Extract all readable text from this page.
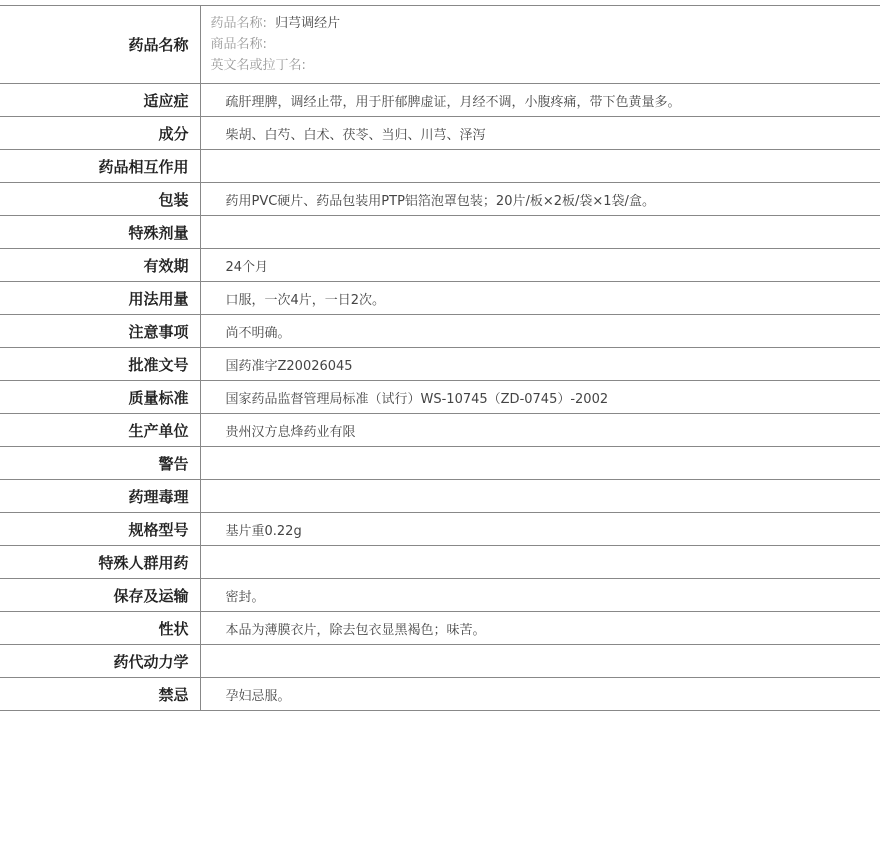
药品名称	药品名称: 归芎调经片
商品名称:
英文名或拉丁名:

适应症	疏肝理脾，调经止带，用于肝郁脾虚证，月经不调，小腹疼痛，带下色黄量多。
成分	柴胡、白芍、白术、茯苓、当归、川芎、泽泻
药品相互作用	
包装	药用PVC硬片、药品包装用PTP铝箔泡罩包装；20片/板×2板/袋×1袋/盒。
特殊剂量	
有效期	24个月
用法用量	口服，一次4片，一日2次。
注意事项	尚不明确。
批准文号	国药准字Z20026045
质量标准	国家药品监督管理局标准（试行）WS-10745（ZD-0745）-2002
生产单位	贵州汉方息烽药业有限
警告	
药理毒理	
规格型号	基片重0.22g
特殊人群用药	
保存及运输	密封。
性状	本品为薄膜衣片，除去包衣显黑褐色；味苦。
药代动力学	
禁忌	孕妇忌服。
